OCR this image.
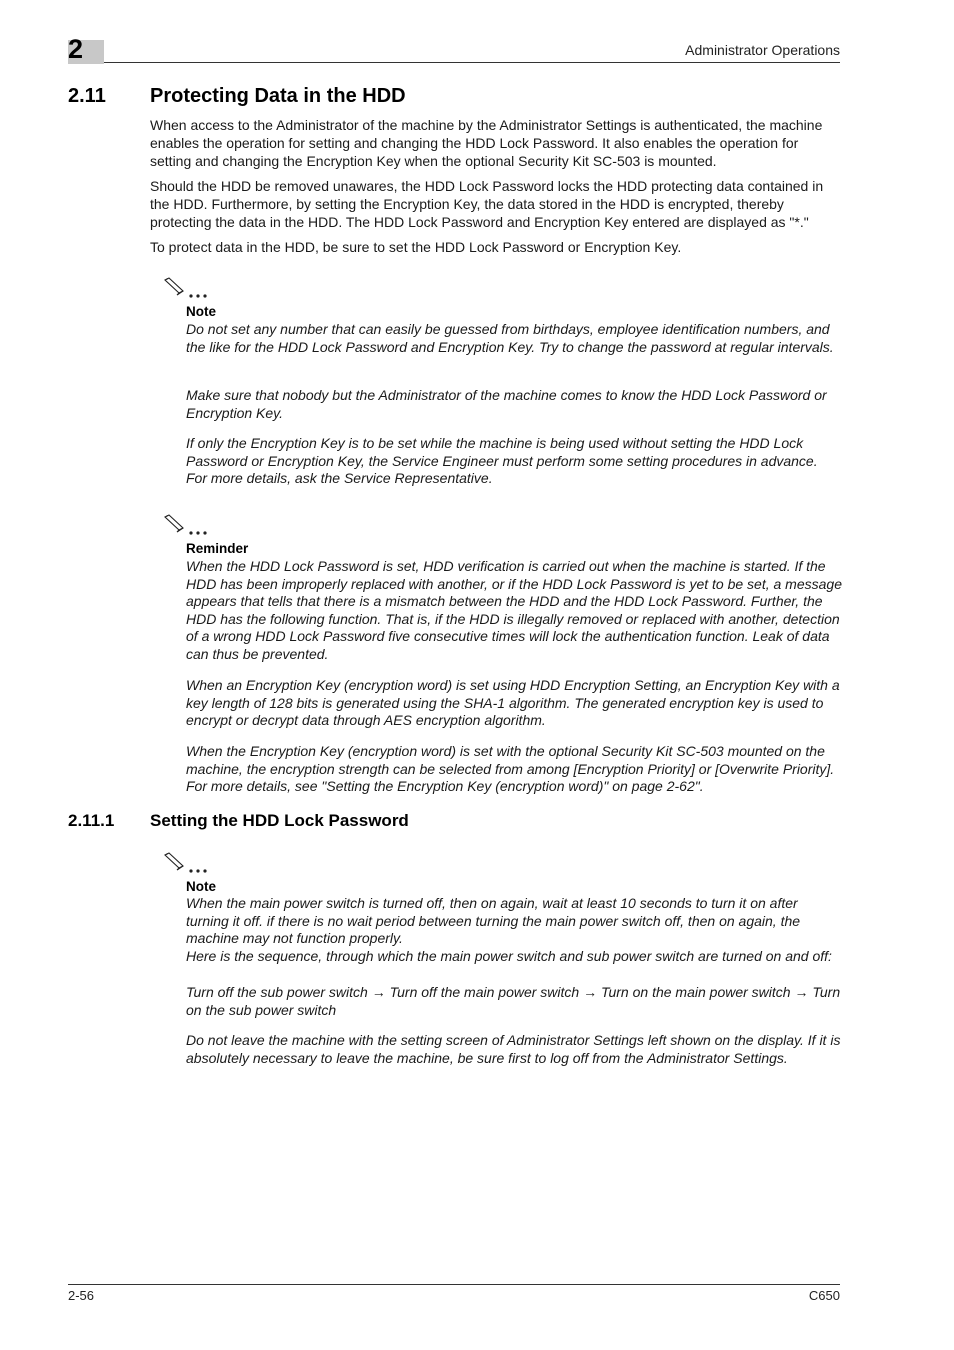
2	Administrator Operations
2.11 Protecting Data in the HDD

When access to the Administrator of the machine by the Administrator Settings is authenticated, the machine enables the operation for setting and changing the HDD Lock Password. It also enables the operation for setting and changing the Encryption Key when the optional Security Kit SC-503 is mounted.

Should the HDD be removed unawares, the HDD Lock Password locks the HDD protecting data contained in the HDD. Furthermore, by setting the Encryption Key, the data stored in the HDD is encrypted, thereby protecting the data in the HDD. The HDD Lock Password and Encryption Key entered are displayed as "*."

To protect data in the HDD, be sure to set the HDD Lock Password or Encryption Key.

Note

Do not set any number that can easily be guessed from birthdays, employee identification numbers, and the like for the HDD Lock Password and Encryption Key. Try to change the password at regular intervals.

Make sure that nobody but the Administrator of the machine comes to know the HDD Lock Password or Encryption Key.

If only the Encryption Key is to be set while the machine is being used without setting the HDD Lock Password or Encryption Key, the Service Engineer must perform some setting procedures in advance. For more details, ask the Service Representative.

Reminder

When the HDD Lock Password is set, HDD verification is carried out when the machine is started. If the HDD has been improperly replaced with another, or if the HDD Lock Password is yet to be set, a message appears that tells that there is a mismatch between the HDD and the HDD Lock Password. Further, the HDD has the following function. That is, if the HDD is illegally removed or replaced with another, detection of a wrong HDD Lock Password five consecutive times will lock the authentication function. Leak of data can thus be prevented.

When an Encryption Key (encryption word) is set using HDD Encryption Setting, an Encryption Key with a key length of 128 bits is generated using the SHA-1 algorithm. The generated encryption key is used to encrypt or decrypt data through AES encryption algorithm.

When the Encryption Key (encryption word) is set with the optional Security Kit SC-503 mounted on the machine, the encryption strength can be selected from among [Encryption Priority] or [Overwrite Priority]. For more details, see "Setting the Encryption Key (encryption word)" on page 2-62".

2.11.1 Setting the HDD Lock Password
Note

When the main power switch is turned off, then on again, wait at least 10 seconds to turn it on after turning it off. if there is no wait period between turning the main power switch off, then on again, the machine may not function properly.

Here is the sequence, through which the main power switch and sub power switch are turned on and off:

Turn off the sub power switch → Turn off the main power switch → Turn on the main power switch → Turn on the sub power switch

Do not leave the machine with the setting screen of Administrator Settings left shown on the display. If it is absolutely necessary to leave the machine, be sure first to log off from the Administrator Settings.

2-56	C650
